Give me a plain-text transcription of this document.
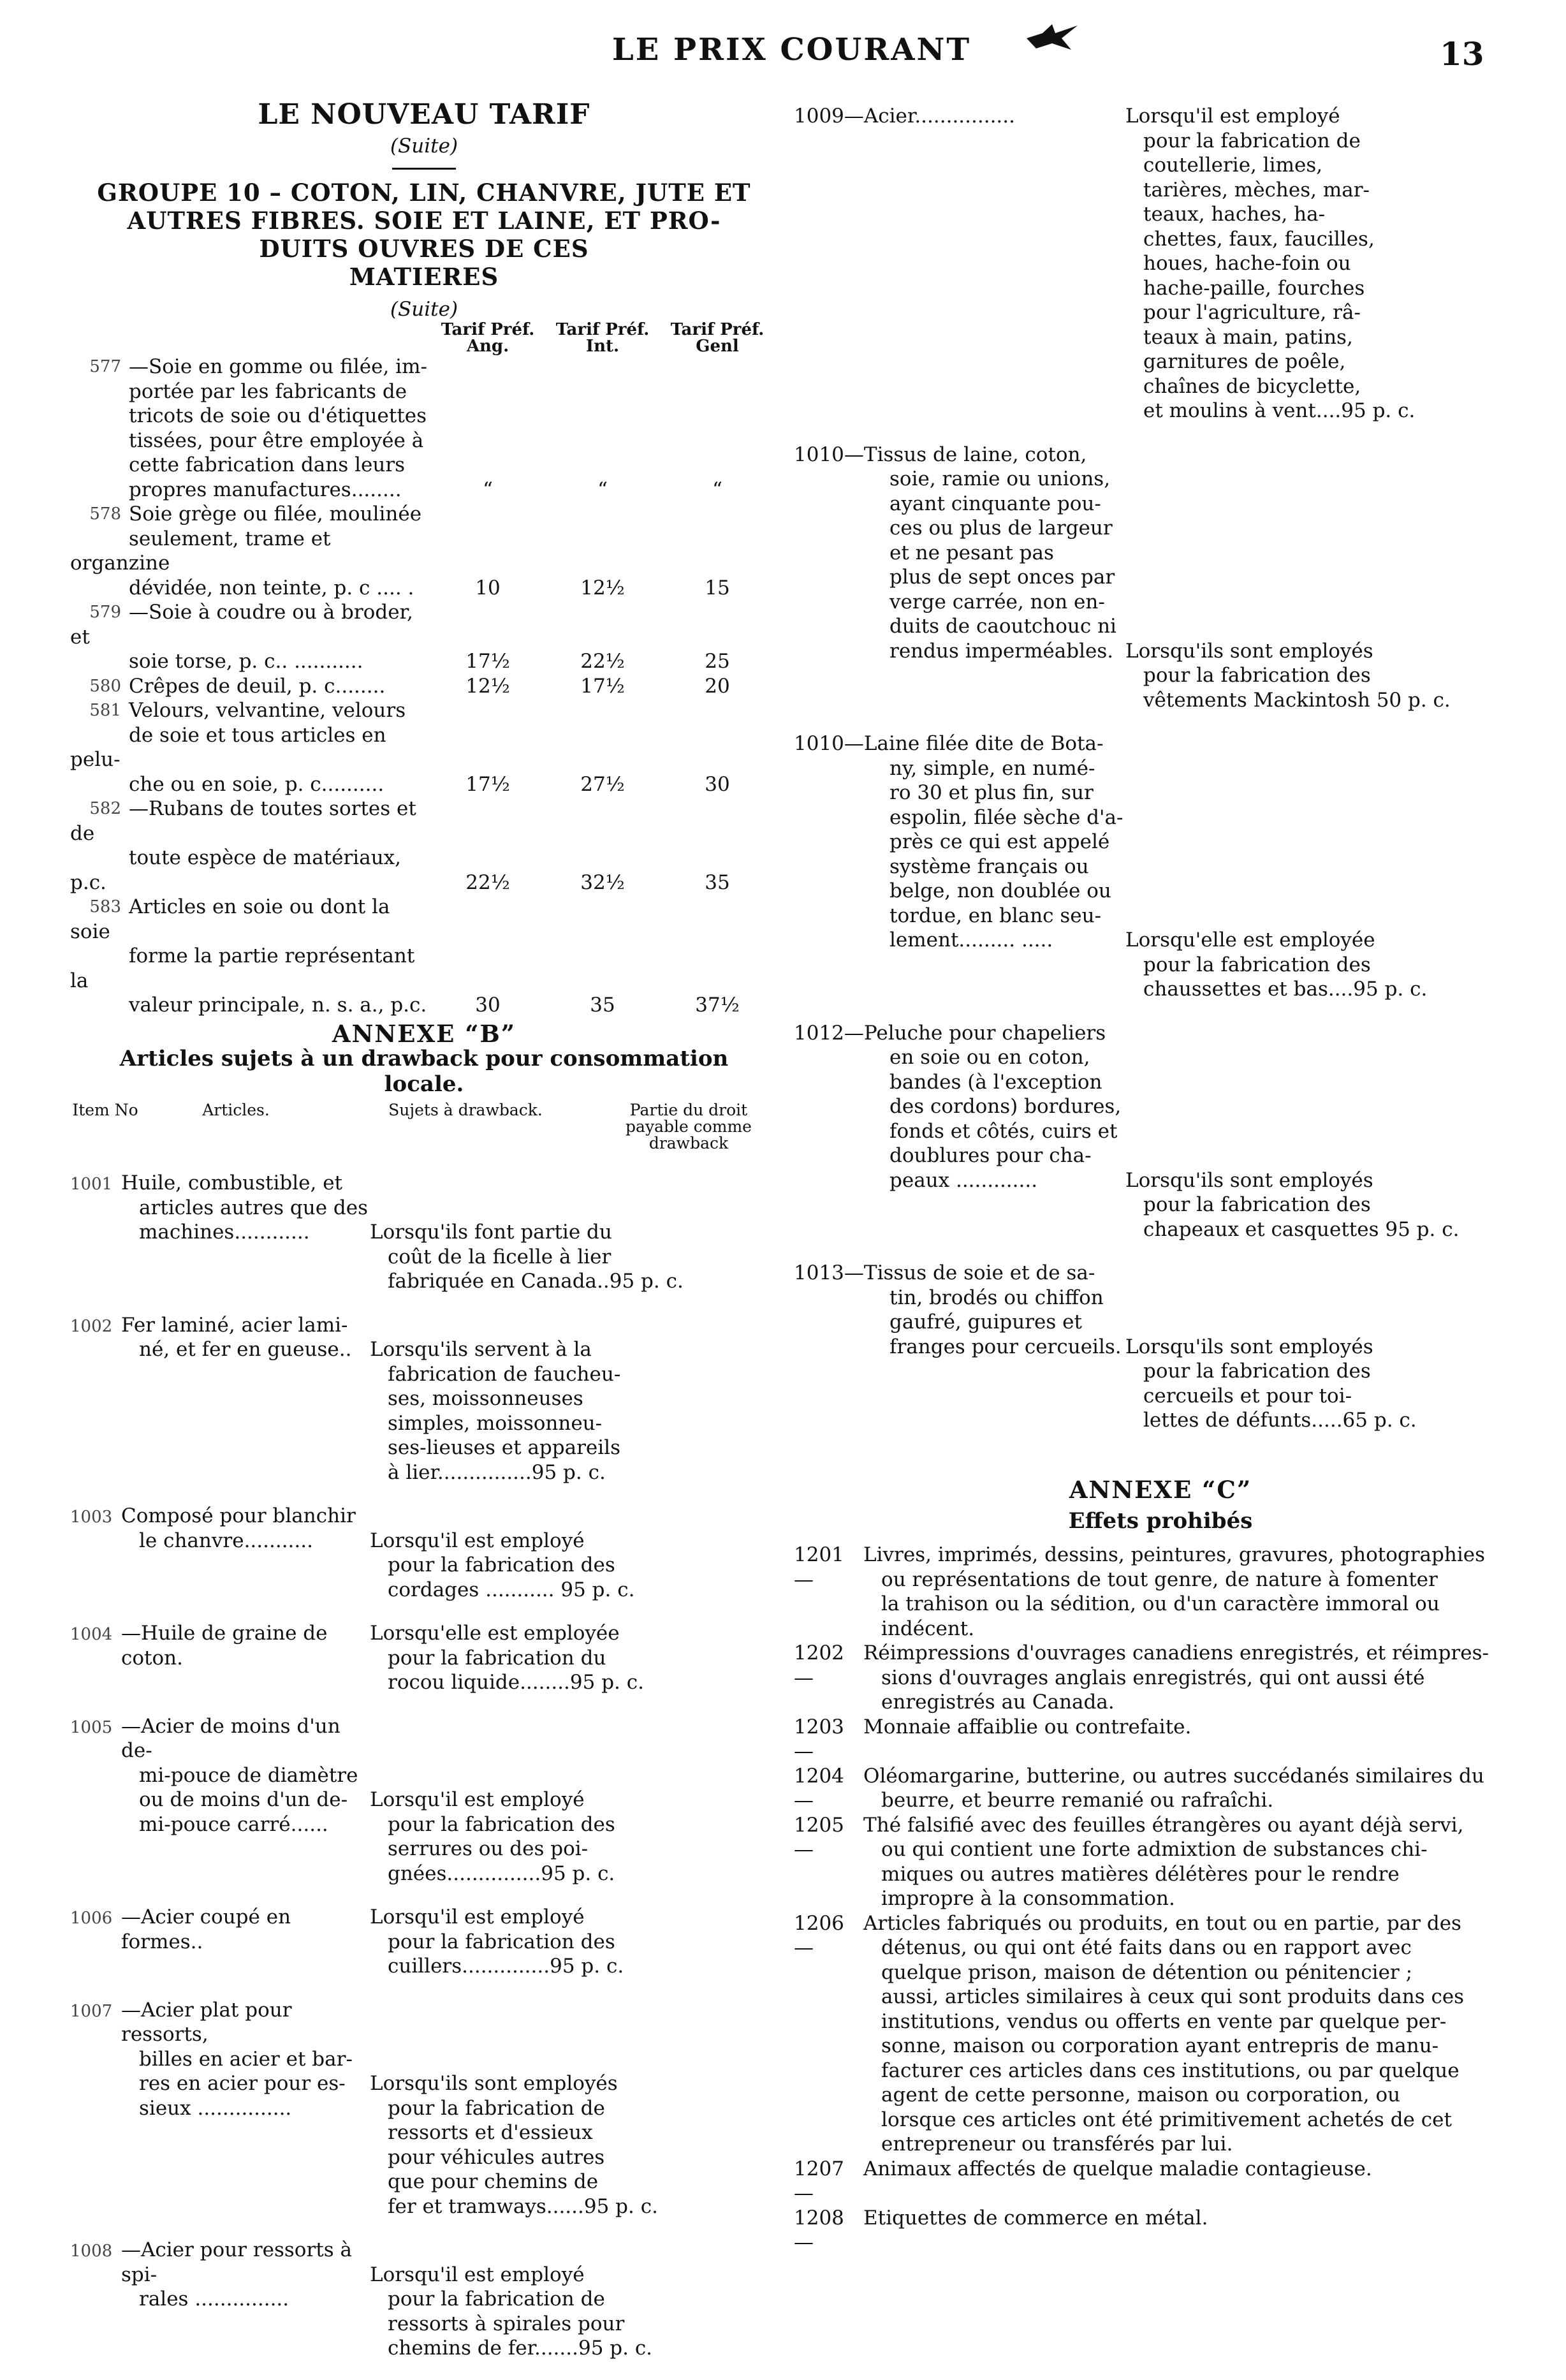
LE PRIX COURANT	13
LE NOUVEAU TARIF
(Suite)
GROUPE 10 – COTON, LIN, CHANVRE, JUTE ET
AUTRES FIBRES. SOIE ET LAINE, ET PRO-
DUITS OUVRES DE CES
MATIERES
(Suite)
Tarif Préf. Ang.
Tarif Préf. Int.
Tarif Préf. Genl
577 —Soie en gomme ou filée, im-
portée par les fabricants de
tricots de soie ou d'étiquettes
tissées, pour être employée à
cette fabrication dans leurs
propres manufactures........	“	“	“
578 Soie grège ou filée, moulinée
seulement, trame et organzine
dévidée, non teinte, p. c .... .	10	12½	15
579 —Soie à coudre ou à broder, et
soie torse, p. c.. ...........	17½	22½	25
580 Crêpes de deuil, p. c........	12½	17½	20
581 Velours, velvantine, velours
de soie et tous articles en pelu-
che ou en soie, p. c..........	17½	27½	30
582 —Rubans de toutes sortes et de
toute espèce de matériaux, p.c.	22½	32½	35
583 Articles en soie ou dont la soie
forme la partie représentant la
valeur principale, n. s. a., p.c.	30	35	37½
ANNEXE “B”
Articles sujets à un drawback pour consommation
locale.
Item No	Articles.	Sujets à drawback.	Partie du droit payable comme drawback
1001 Huile, combustible, et
articles autres que des
machines............

	Lorsqu'ils font partie du
coût de la ficelle à lier
fabriquée en Canada..95 p. c.
1002 Fer laminé, acier lami-
né, et fer en gueuse..
Lorsqu'ils servent à la
fabrication de faucheu-
ses, moissonneuses
simples, moissonneu-
ses-lieuses et appareils
à lier...............95 p. c.
1003 Composé pour blanchir
le chanvre...........
	Lorsqu'il est employé
pour la fabrication des
cordages ........... 95 p. c.
1004 —Huile de graine de coton.
Lorsqu'elle est employée
pour la fabrication du
rocou liquide........95 p. c.
1005 —Acier de moins d'un de-
mi-pouce de diamètre
ou de moins d'un de-
mi-pouce carré......

Lorsqu'il est employé
pour la fabrication des
serrures ou des poi-
gnées...............95 p. c.
1006 —Acier coupé en formes..
Lorsqu'il est employé
pour la fabrication des
cuillers..............95 p. c.
1007 —Acier plat pour ressorts,
billes en acier et bar-
res en acier pour es-
sieux ...............

Lorsqu'ils sont employés
pour la fabrication de
ressorts et d'essieux
pour véhicules autres
que pour chemins de
fer et tramways......95 p. c.
1008 —Acier pour ressorts à spi-
rales ...............

Lorsqu'il est employé
pour la fabrication de
ressorts à spirales pour
chemins de fer.......95 p. c.
1009—Acier................	Lorsqu'il est employé
pour la fabrication de
coutellerie, limes,
tarières, mèches, mar-
teaux, haches, ha-
chettes, faux, faucilles,
houes, hache-foin ou
hache-paille, fourches
pour l'agriculture, râ-
teaux à main, patins,
garnitures de poêle,
chaînes de bicyclette,
et moulins à vent....95 p. c.
1010—Tissus de laine, coton,
soie, ramie ou unions,
ayant cinquante pou-
ces ou plus de largeur
et ne pesant pas
plus de sept onces par
verge carrée, non en-
duits de caoutchouc ni
rendus imperméables.

Lorsqu'ils sont employés
pour la fabrication des
vêtements Mackintosh 50 p. c.
1010—Laine filée dite de Bota-
ny, simple, en numé-
ro 30 et plus fin, sur
espolin, filée sèche d'a-
près ce qui est appelé
système français ou
belge, non doublée ou
tordue, en blanc seu-
lement......... .....

	Lorsqu'elle est employée
pour la fabrication des
chaussettes et bas....95 p. c.
1012—Peluche pour chapeliers
en soie ou en coton,
bandes (à l'exception
des cordons) bordures,
fonds et côtés, cuirs et
doublures pour cha-
peaux .............

	Lorsqu'ils sont employés
pour la fabrication des
chapeaux et casquettes 95 p. c.
1013—Tissus de soie et de sa-
tin, brodés ou chiffon
gaufré, guipures et
franges pour cercueils.

Lorsqu'ils sont employés
pour la fabrication des
cercueils et pour toi-
lettes de défunts.....65 p. c.
ANNEXE “C”
Effets prohibés
1201—
Livres, imprimés, dessins, peintures, gravures, photographies
ou représentations de tout genre, de nature à fomenter
la trahison ou la sédition, ou d'un caractère immoral ou
indécent.
1202—
Réimpressions d'ouvrages canadiens enregistrés, et réimpres-
sions d'ouvrages anglais enregistrés, qui ont aussi été
enregistrés au Canada.
1203—
Monnaie affaiblie ou contrefaite.
1204—
Oléomargarine, butterine, ou autres succédanés similaires du
beurre, et beurre remanié ou rafraîchi.
1205—
Thé falsifié avec des feuilles étrangères ou ayant déjà servi,
ou qui contient une forte admixtion de substances chi-
miques ou autres matières délétères pour le rendre
impropre à la consommation.
1206—
Articles fabriqués ou produits, en tout ou en partie, par des
détenus, ou qui ont été faits dans ou en rapport avec
quelque prison, maison de détention ou pénitencier ;
aussi, articles similaires à ceux qui sont produits dans ces
institutions, vendus ou offerts en vente par quelque per-
sonne, maison ou corporation ayant entrepris de manu-
facturer ces articles dans ces institutions, ou par quelque
agent de cette personne, maison ou corporation, ou
lorsque ces articles ont été primitivement achetés de cet
entrepreneur ou transférés par lui.
1207—
Animaux affectés de quelque maladie contagieuse.
1208—
Etiquettes de commerce en métal.
